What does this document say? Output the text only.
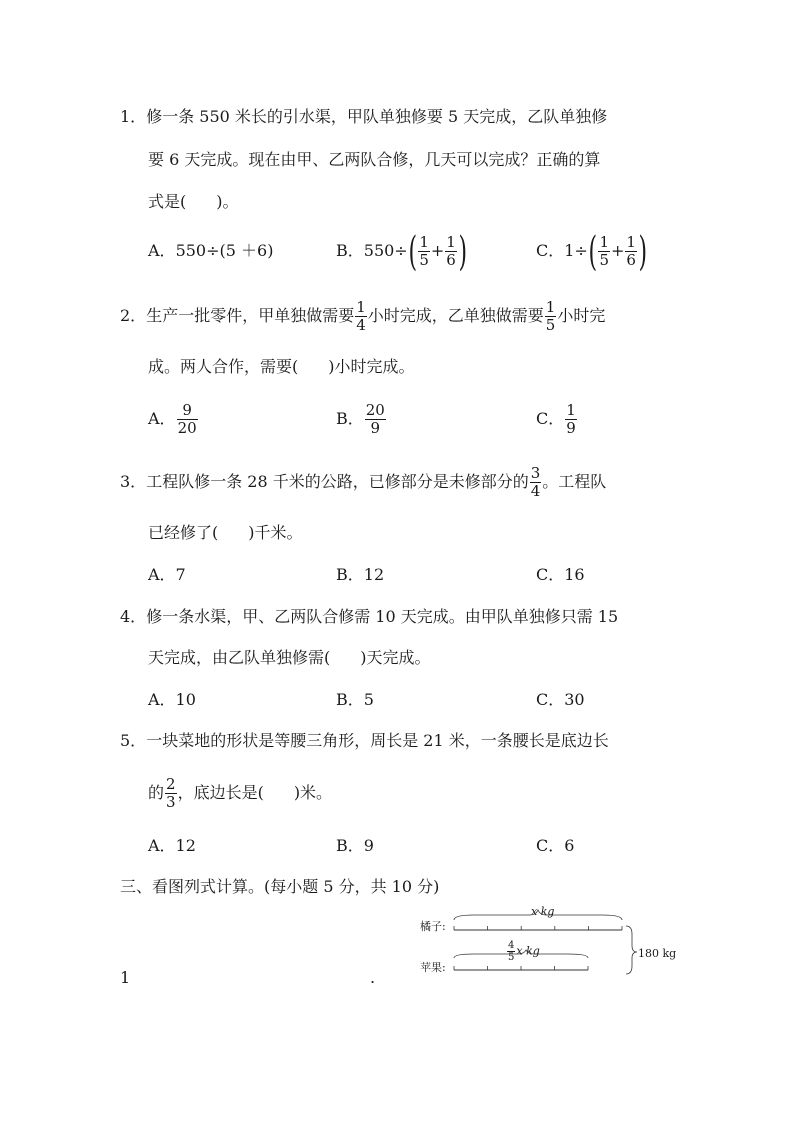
1．修一条 550 米长的引水渠，甲队单独修要 5 天完成，乙队单独修
要 6 天完成。现在由甲、乙两队合修，几天可以完成？正确的算
式是( )。
A．550÷(5 ＋6)	B．$550\div( \frac{1}{5} + \frac{1}{6}$ )	C．$1\div( \frac{1}{5} + \frac{1}{6}$ )
2．生产一批零件，甲单独做需要 $\frac{1}{4}$ 小时完成，乙单独做需要 $\frac{1}{5}$ 小时完
成。两人合作，需要( )小时完成。
A． $\frac{9}{20}$	B． $\frac{20}{9}$	C． $\frac{1}{9}$
3．工程队修一条 28 千米的公路，已修部分是未修部分的 $\frac{3}{4}$ 。工程队
已经修了( )千米。
A．7	B．12	C．16
4．修一条水渠，甲、乙两队合修需 10 天完成。由甲队单独修只需 15
天完成，由乙队单独修需( )天完成。
A．10	B．5	C．30
5．一块菜地的形状是等腰三角形，周长是 21 米，一条腰长是底边长
的 $\frac{2}{3}$ ，底边长是( )米。
A．12	B．9	C．6
三、看图列式计算。(每小题 5 分，共 10 分)
1	.
橘子:
苹果:
x kg
$\frac{4}{5}$ x kg	180 kg
